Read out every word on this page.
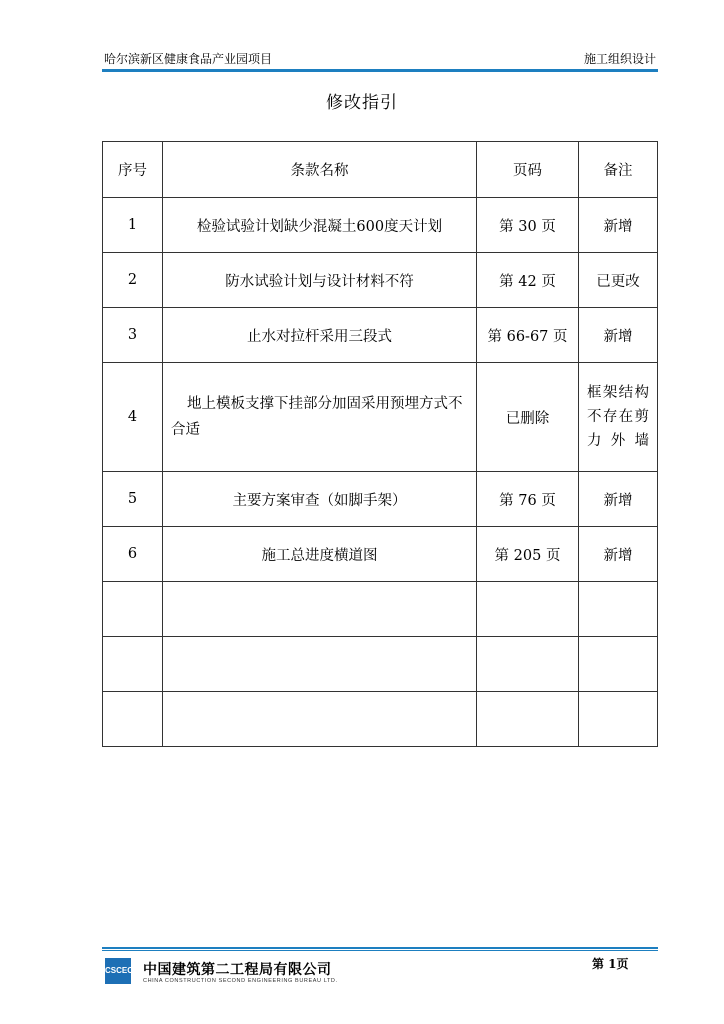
哈尔滨新区健康食品产业园项目	施工组织设计
修改指引
序号	条款名称	页码	备注
1	检验试验计划缺少混凝土600度天计划	第 30 页	新增
2	防水试验计划与设计材料不符	第 42 页	已更改
3	止水对拉杆采用三段式	第 66-67 页	新增
4	地上模板支撑下挂部分加固采用预埋方式不合适	已删除	框架结构不存在剪力外墙
5	主要方案审查（如脚手架）	第 76 页	新增
6	施工总进度横道图	第 205 页	新增

CSCEC 中国建筑第二工程局有限公司
CHINA CONSTRUCTION SECOND ENGINEERING BUREAU LTD.
第 1页
